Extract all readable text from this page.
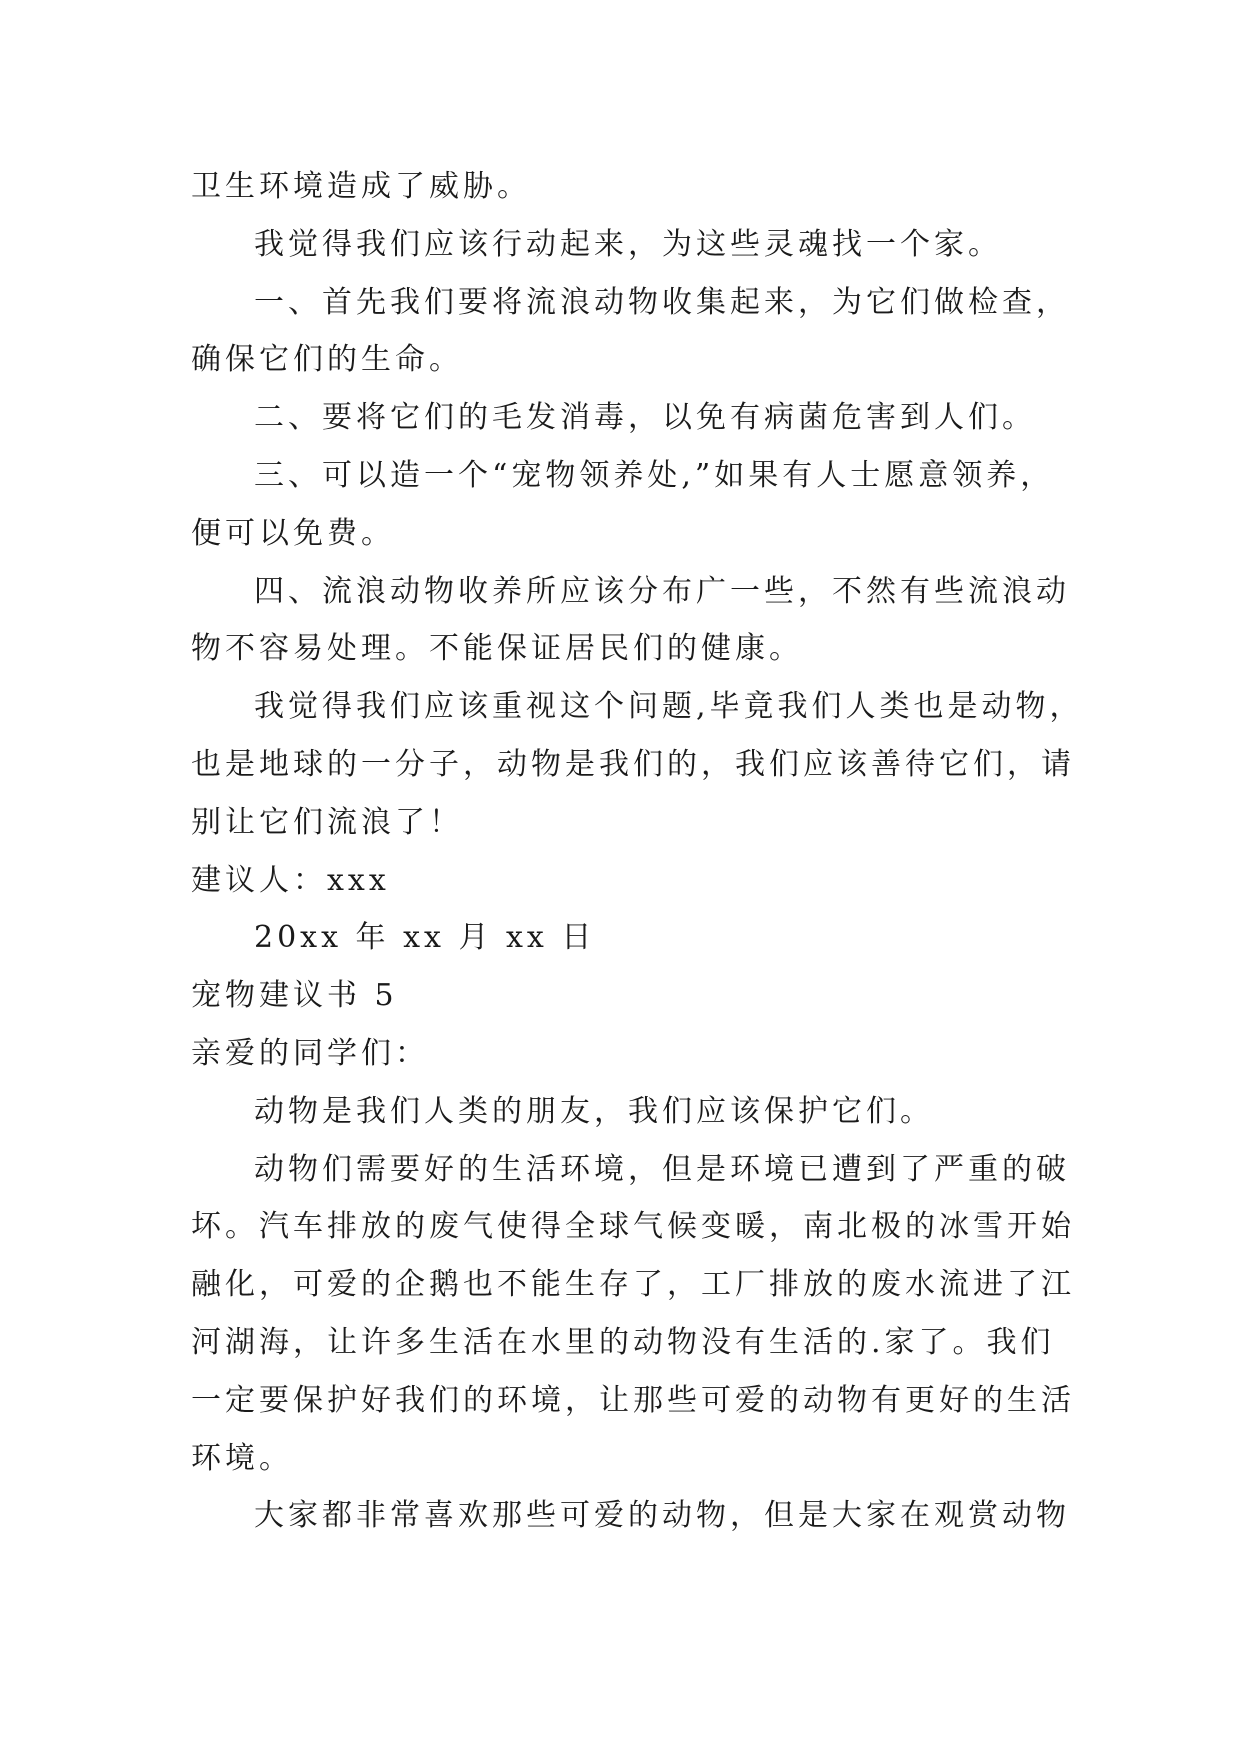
卫生环境造成了威胁。
我觉得我们应该行动起来，为这些灵魂找一个家。
一、首先我们要将流浪动物收集起来，为它们做检查，
确保它们的生命。
二、要将它们的毛发消毒，以免有病菌危害到人们。
三、可以造一个“宠物领养处,”如果有人士愿意领养，
便可以免费。
四、流浪动物收养所应该分布广一些，不然有些流浪动
物不容易处理。不能保证居民们的健康。
我觉得我们应该重视这个问题,毕竟我们人类也是动物，
也是地球的一分子，动物是我们的，我们应该善待它们，请
别让它们流浪了！
建议人：xxx
20xx 年 xx 月 xx 日
宠物建议书 5
亲爱的同学们：
动物是我们人类的朋友，我们应该保护它们。
动物们需要好的生活环境，但是环境已遭到了严重的破
坏。汽车排放的废气使得全球气候变暖，南北极的冰雪开始
融化，可爱的企鹅也不能生存了，工厂排放的废水流进了江
河湖海，让许多生活在水里的动物没有生活的.家了。我们
一定要保护好我们的环境，让那些可爱的动物有更好的生活
环境。
大家都非常喜欢那些可爱的动物，但是大家在观赏动物
